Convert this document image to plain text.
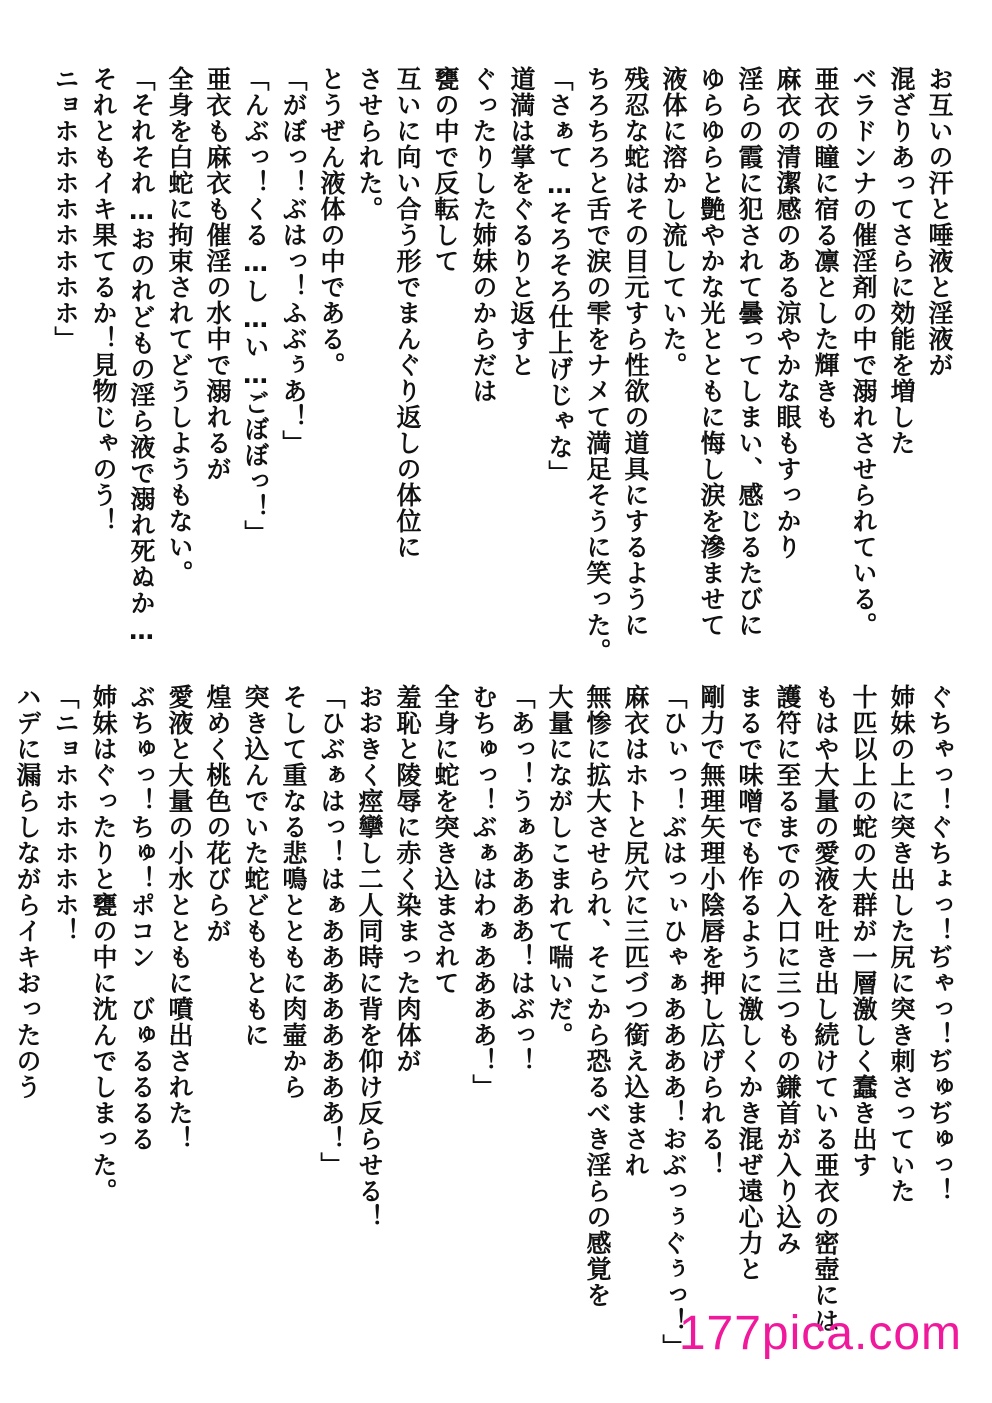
お互いの汗と唾液と淫液が
混ざりあってさらに効能を増した
ベラドンナの催淫剤の中で溺れさせられている。
亜衣の瞳に宿る凛とした輝きも
麻衣の清潔感のある涼やかな眼もすっかり
淫らの霞に犯されて曇ってしまい、感じるたびに
ゆらゆらと艶やかな光とともに悔し涙を滲ませて
液体に溶かし流していた。
残忍な蛇はその目元すら性欲の道具にするように
ちろちろと舌で涙の雫をナメて満足そうに笑った。
「さぁて…そろそろ仕上げじゃな」
道満は掌をぐるりと返すと
ぐったりした姉妹のからだは
甕の中で反転して
互いに向い合う形でまんぐり返しの体位に
させられた。
とうぜん液体の中である。
「がぼっ！ぶはっ！ふぶぅあ！」
「んぶっ！くる…し…い…ごぼぼっ！」
亜衣も麻衣も催淫の水中で溺れるが
全身を白蛇に拘束されてどうしようもない。
「それそれ…おのれどもの淫ら液で溺れ死ぬか…
それともイキ果てるか！見物じゃのう！
ニョホホホホホホホホ」
ぐちゃっ！ぐちょっ！ぢゃっ！ぢゅぢゅっ！
姉妹の上に突き出した尻に突き刺さっていた
十匹以上の蛇の大群が一層激しく蠢き出す
もはや大量の愛液を吐き出し続けている亜衣の密壺には
護符に至るまでの入口に三つもの鎌首が入り込み
まるで味噌でも作るように激しくかき混ぜ遠心力と
剛力で無理矢理小陰唇を押し広げられる！
「ひぃっ！ぶはっぃひゃぁああああ！おぶっぅぐぅっ！」
麻衣はホトと尻穴に三匹づつ銜え込まされ
無惨に拡大させられ、そこから恐るべき淫らの感覚を
大量にながしこまれて喘いだ。
「あっ！うぁああああ！はぶっ！
むちゅっ！ぶぁはわぁああああ！」
全身に蛇を突き込まされて
羞恥と陵辱に赤く染まった肉体が
おおきく痙攣し二人同時に背を仰け反らせる！
「ひぶぁはっ！はぁああああああああ！」
そして重なる悲鳴とともに肉壷から
突き込んでいた蛇どももともに
煌めく桃色の花びらが
愛液と大量の小水とともに噴出された！
ぶちゅっ！ちゅ！ポコン　びゅるるるる
姉妹はぐったりと甕の中に沈んでしまった。
「ニョホホホホホホ！
ハデに漏らしながらイキおったのう
177pica.com
